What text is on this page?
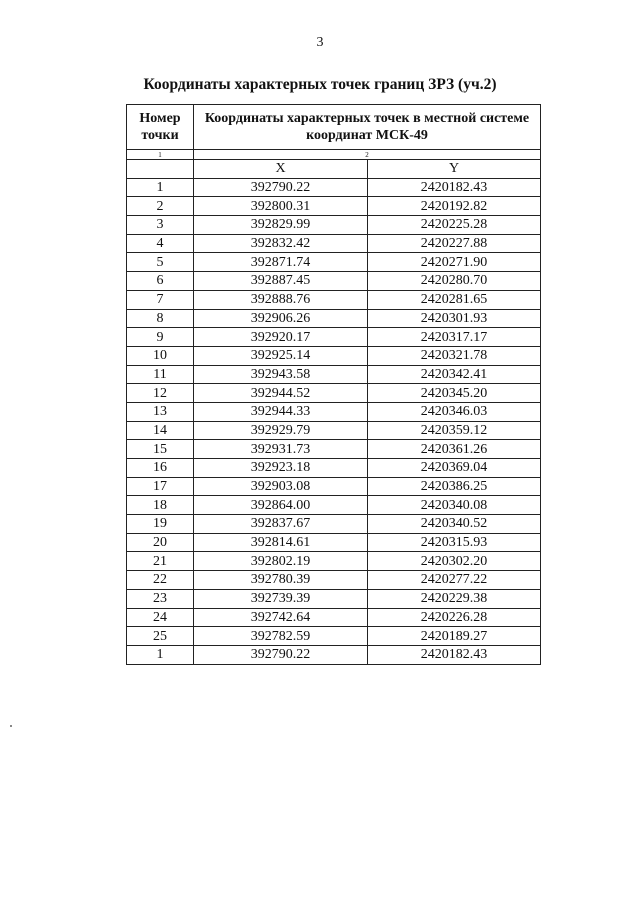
3
Координаты характерных точек границ ЗРЗ (уч.2)
Номер точки	Координаты характерных точек в местной системе координат МСК-49	
1	2	
	X	Y
1	392790.22	2420182.43
2	392800.31	2420192.82
3	392829.99	2420225.28
4	392832.42	2420227.88
5	392871.74	2420271.90
6	392887.45	2420280.70
7	392888.76	2420281.65
8	392906.26	2420301.93
9	392920.17	2420317.17
10	392925.14	2420321.78
11	392943.58	2420342.41
12	392944.52	2420345.20
13	392944.33	2420346.03
14	392929.79	2420359.12
15	392931.73	2420361.26
16	392923.18	2420369.04
17	392903.08	2420386.25
18	392864.00	2420340.08
19	392837.67	2420340.52
20	392814.61	2420315.93
21	392802.19	2420302.20
22	392780.39	2420277.22
23	392739.39	2420229.38
24	392742.64	2420226.28
25	392782.59	2420189.27
1	392790.22	2420182.43
